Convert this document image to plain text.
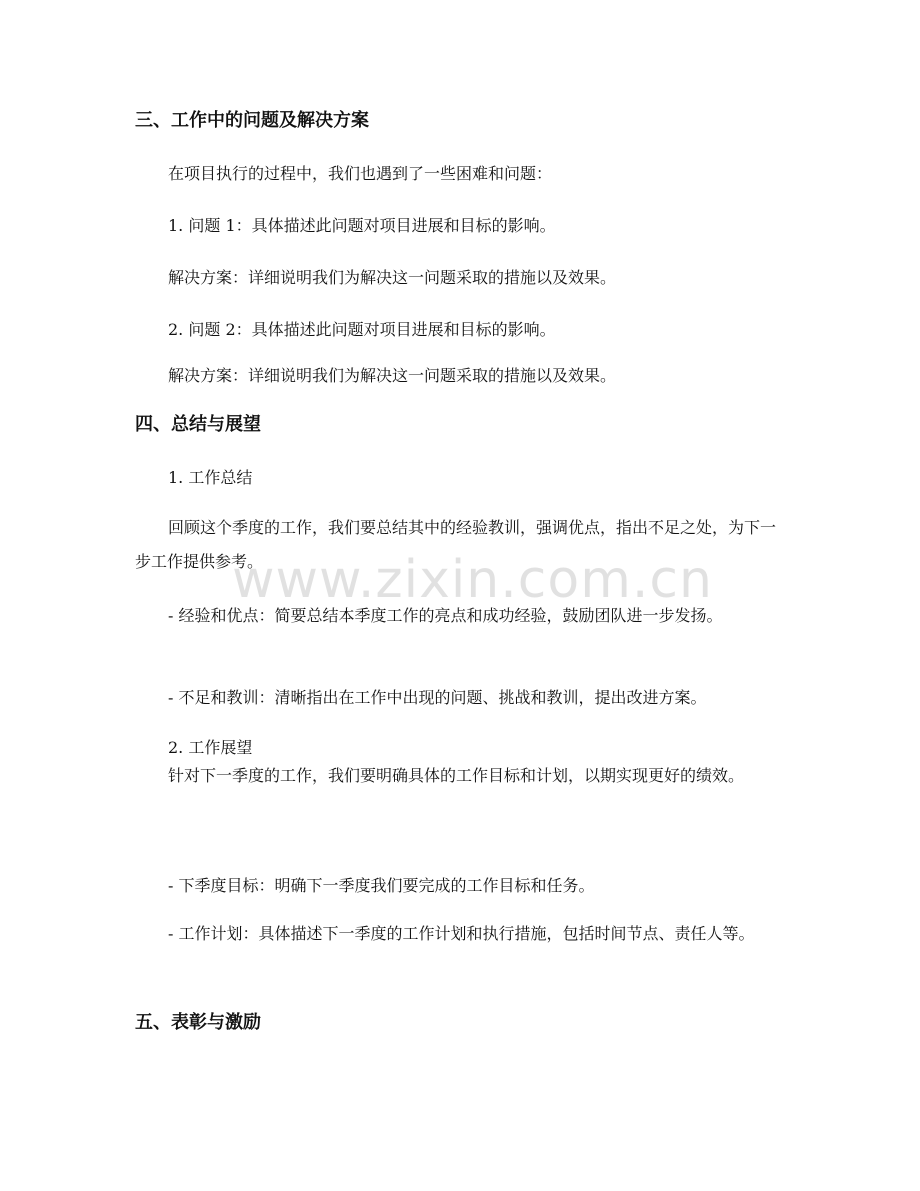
三、工作中的问题及解决方案

在项目执行的过程中，我们也遇到了一些困难和问题：

1. 问题 1：具体描述此问题对项目进展和目标的影响。

解决方案：详细说明我们为解决这一问题采取的措施以及效果。

2. 问题 2：具体描述此问题对项目进展和目标的影响。

解决方案：详细说明我们为解决这一问题采取的措施以及效果。

四、总结与展望

1. 工作总结

回顾这个季度的工作，我们要总结其中的经验教训，强调优点，指出不足之处，为下一步工作提供参考。

- 经验和优点：简要总结本季度工作的亮点和成功经验，鼓励团队进一步发扬。

- 不足和教训：清晰指出在工作中出现的问题、挑战和教训，提出改进方案。

2. 工作展望

针对下一季度的工作，我们要明确具体的工作目标和计划，以期实现更好的绩效。

- 下季度目标：明确下一季度我们要完成的工作目标和任务。

- 工作计划：具体描述下一季度的工作计划和执行措施，包括时间节点、责任人等。

五、表彰与激励
www.zixin.com.cn
